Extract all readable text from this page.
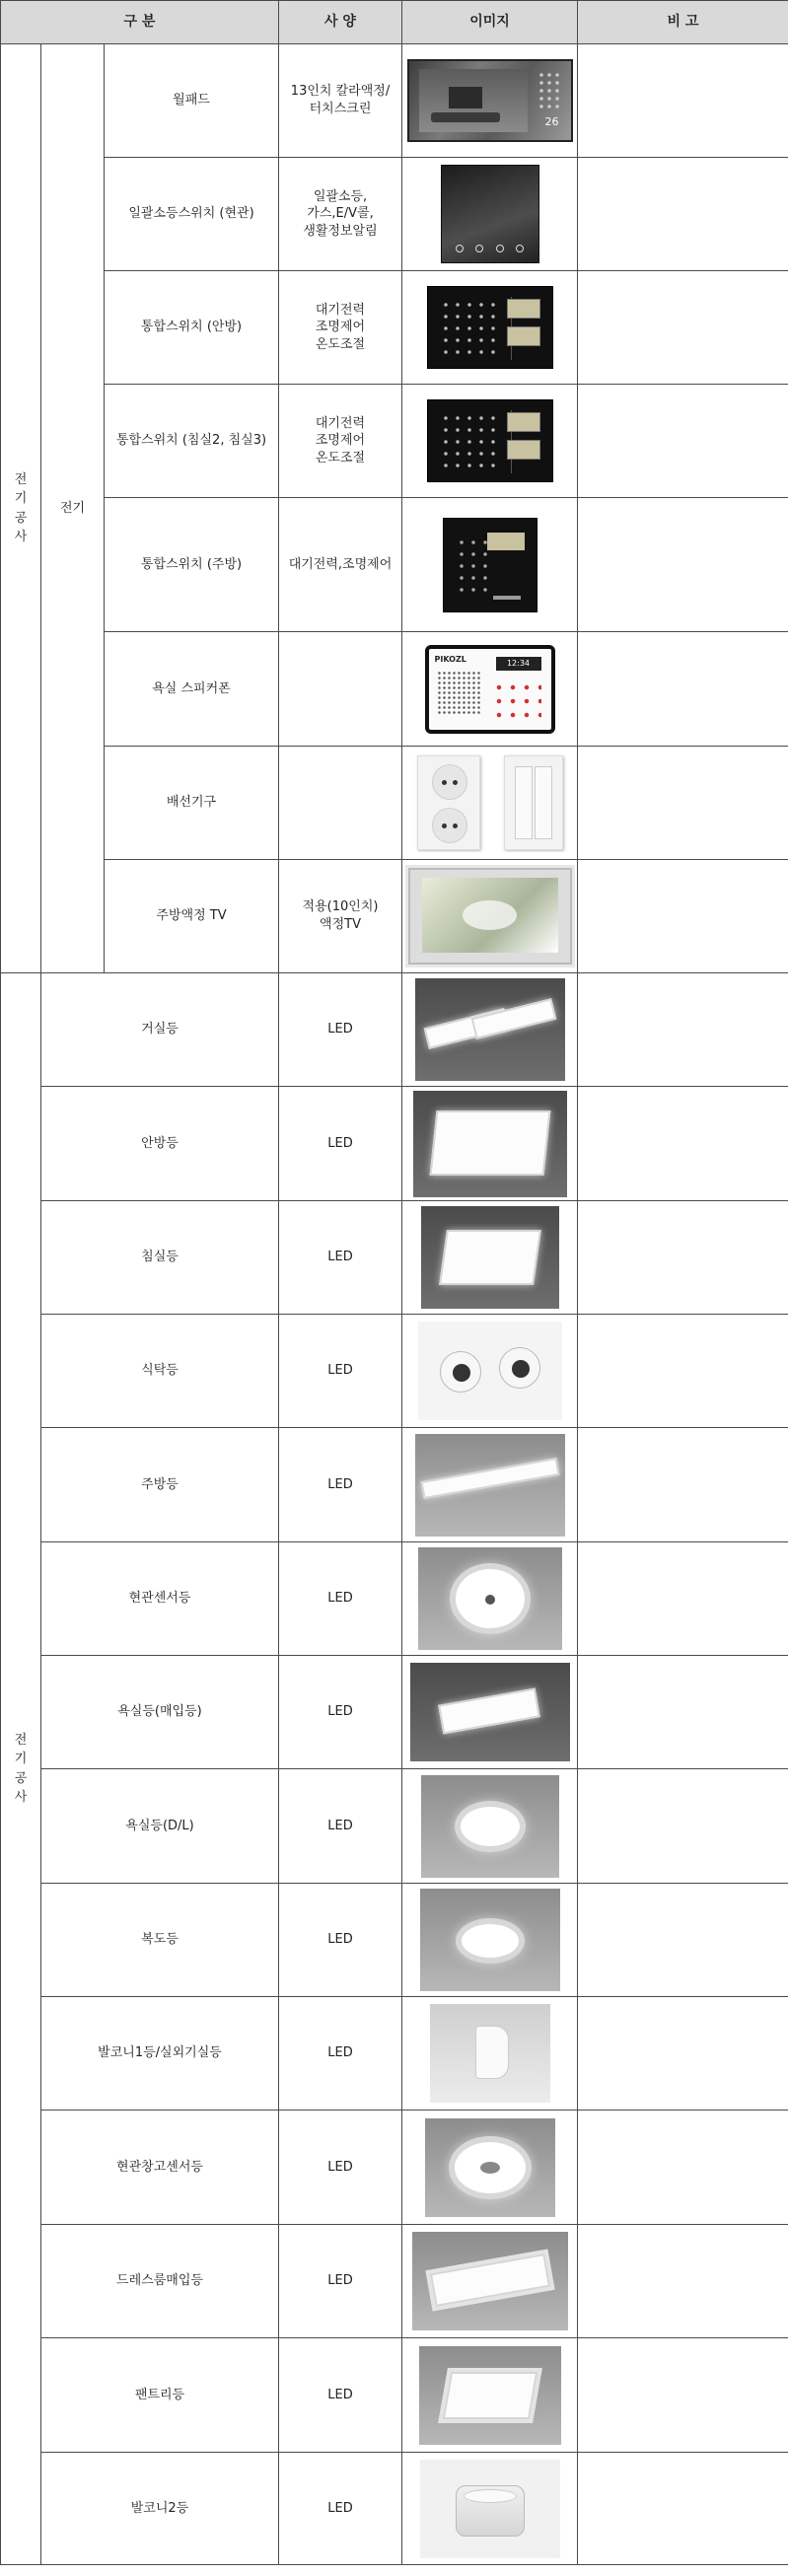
구 분			사 양	이미지	비 고

전
기
공
사	전기	월패드	13인치 칼라액정/
터치스크린	26	

		일괄소등스위치 (현관)	일괄소등,
가스,E/V콜,
생활정보알림	

		통합스위치 (안방)	대기전력
조명제어
온도조절	

		통합스위치 (침실2, 침실3)	대기전력
조명제어
온도조절	

		통합스위치 (주방)	대기전력,조명제어	

		욕실 스피커폰		PIKOZL 12:34	

		배선기구		

		주방액정 TV	적용(10인치)
액정TV	

전
기
공
사	거실등		LED	

	안방등		LED	

	침실등		LED	

	식탁등		LED	

	주방등		LED	

	현관센서등		LED	

	욕실등(매입등)		LED	

	욕실등(D/L)		LED	

	복도등		LED	

	발코니1등/실외기실등		LED	

	현관창고센서등		LED	

	드레스룸매입등		LED	

	팬트리등		LED	

	발코니2등		LED	
